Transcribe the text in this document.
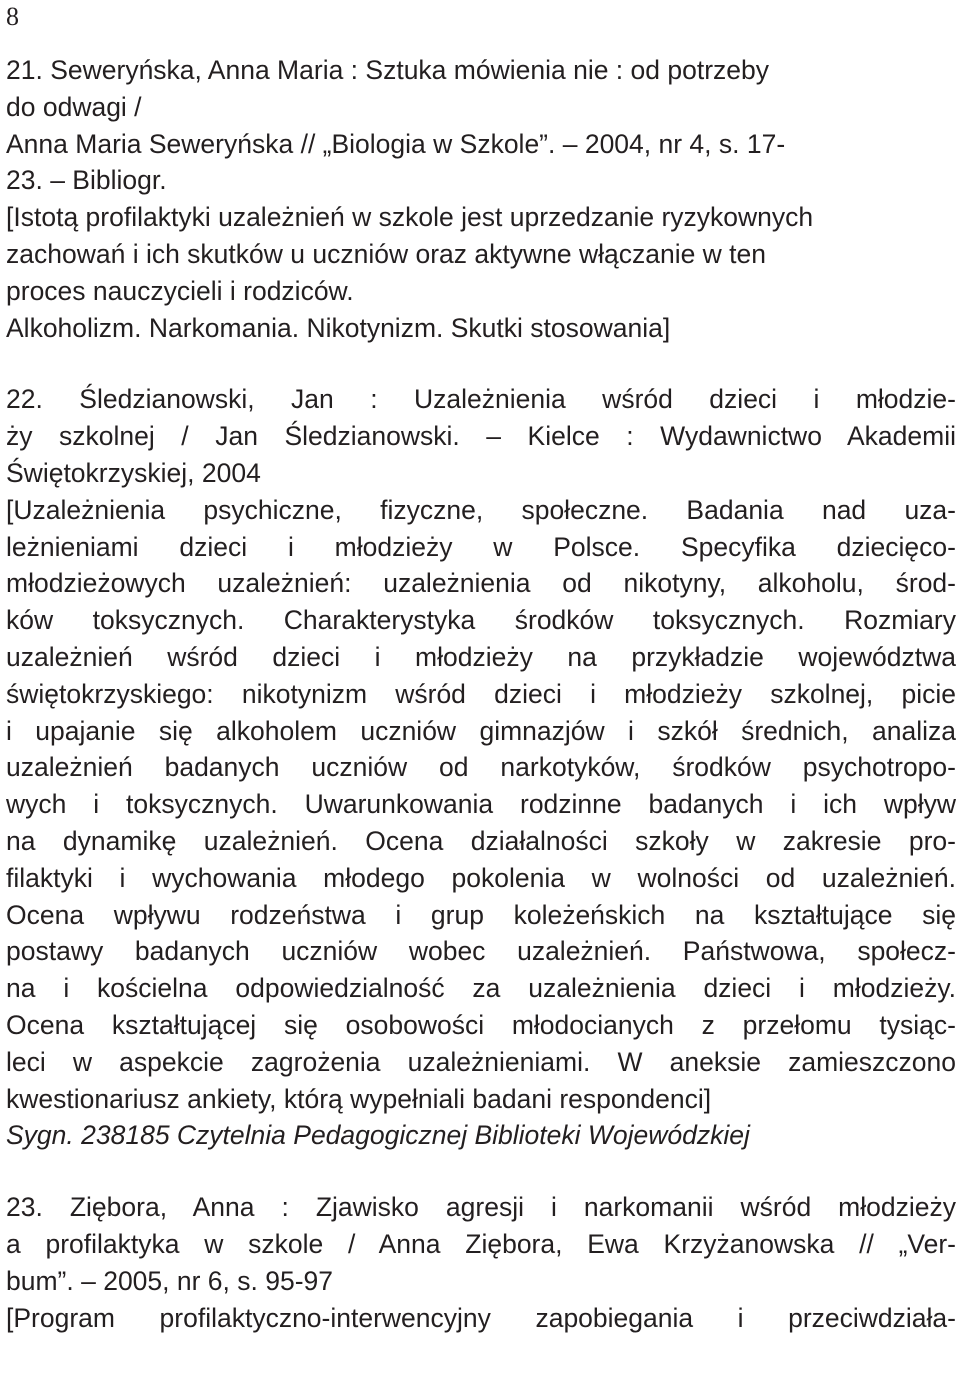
8
21. Seweryńska, Anna Maria : Sztuka mówienia nie : od potrzeby
do odwagi /
Anna Maria Seweryńska // „Biologia w Szkole”. – 2004, nr 4, s. 17-
23. – Bibliogr.
[Istotą profilaktyki uzależnień w szkole jest uprzedzanie ryzykownych
zachowań i ich skutków u uczniów oraz aktywne włączanie w ten
proces nauczycieli i rodziców.
Alkoholizm. Narkomania. Nikotynizm. Skutki stosowania]
22. Śledzianowski, Jan : Uzależnienia wśród dzieci i młodzie-
ży szkolnej / Jan Śledzianowski. – Kielce : Wydawnictwo Akademii
Świętokrzyskiej, 2004
[Uzależnienia psychiczne, fizyczne, społeczne. Badania nad uza-
leżnieniami dzieci i młodzieży w Polsce. Specyfika dziecięco-
młodzieżowych uzależnień: uzależnienia od nikotyny, alkoholu, środ-
ków toksycznych. Charakterystyka środków toksycznych. Rozmiary
uzależnień wśród dzieci i młodzieży na przykładzie województwa
świętokrzyskiego: nikotynizm wśród dzieci i młodzieży szkolnej, picie
i upajanie się alkoholem uczniów gimnazjów i szkół średnich, analiza
uzależnień badanych uczniów od narkotyków, środków psychotropo-
wych i toksycznych. Uwarunkowania rodzinne badanych i ich wpływ
na dynamikę uzależnień. Ocena działalności szkoły w zakresie pro-
filaktyki i wychowania młodego pokolenia w wolności od uzależnień.
Ocena wpływu rodzeństwa i grup koleżeńskich na kształtujące się
postawy badanych uczniów wobec uzależnień. Państwowa, społecz-
na i kościelna odpowiedzialność za uzależnienia dzieci i młodzieży.
Ocena kształtującej się osobowości młodocianych z przełomu tysiąc-
leci w aspekcie zagrożenia uzależnieniami. W aneksie zamieszczono
kwestionariusz ankiety, którą wypełniali badani respondenci]
Sygn. 238185 Czytelnia Pedagogicznej Biblioteki Wojewódzkiej
23. Ziębora, Anna : Zjawisko agresji i narkomanii wśród młodzieży
a profilaktyka w szkole / Anna Ziębora, Ewa Krzyżanowska // „Ver-
bum”. – 2005, nr 6, s. 95-97
[Program profilaktyczno-interwencyjny zapobiegania i przeciwdziała-
